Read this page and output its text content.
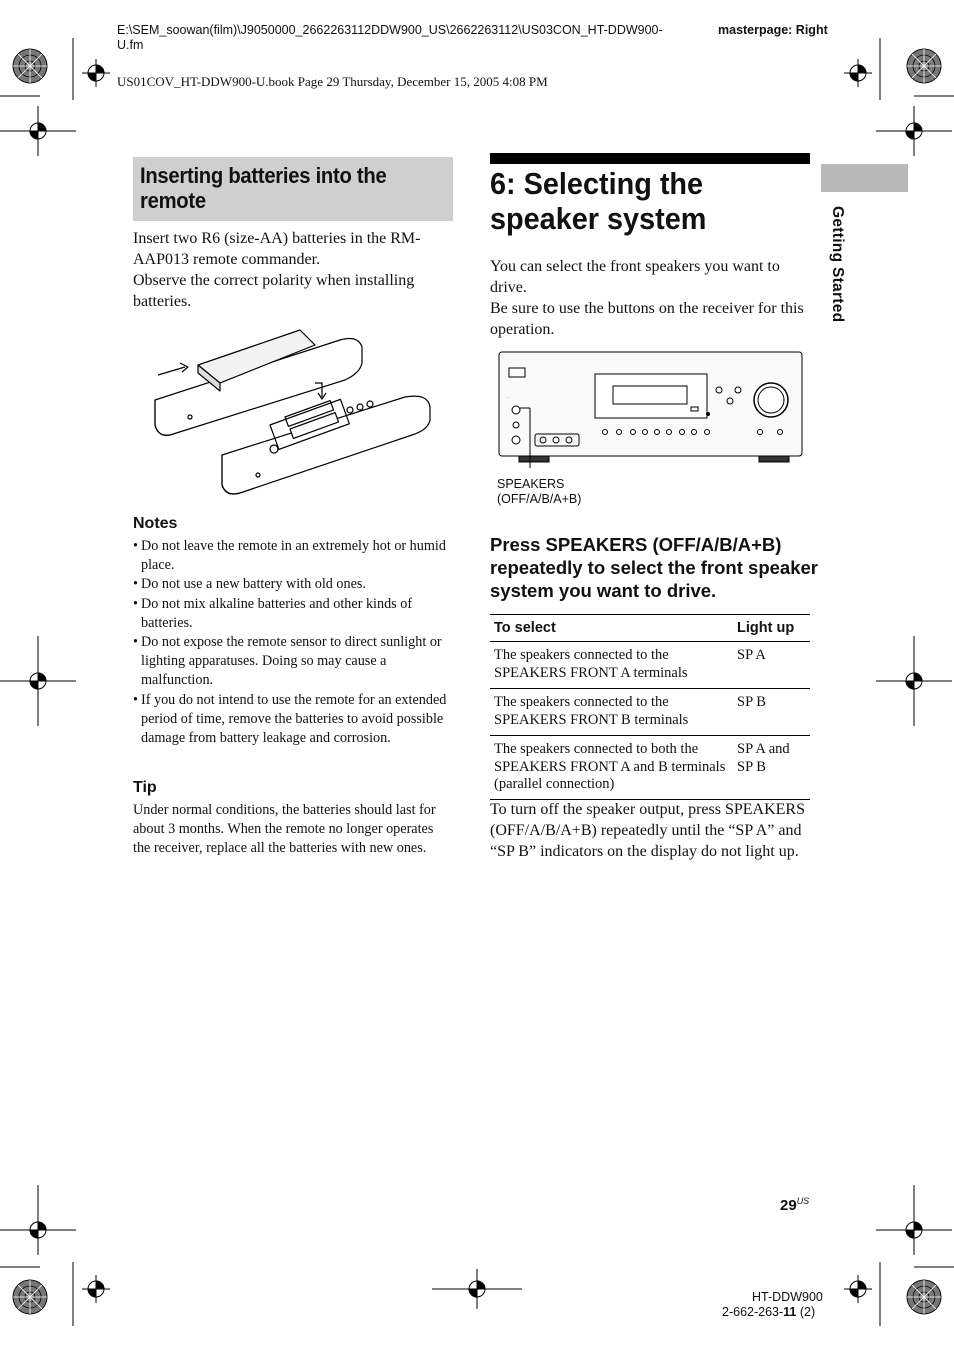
E:\SEM_soowan(film)\J9050000_2662263112DDW900_US\2662263112\US03CON_HT-DDW900-U.fm
masterpage: Right
US01COV_HT-DDW900-U.book Page 29 Thursday, December 15, 2005 4:08 PM
Inserting batteries into the remote

Insert two R6 (size-AA) batteries in the RM-AAP013 remote commander.

Observe the correct polarity when installing batteries.

Notes
• Do not leave the remote in an extremely hot or humid place.
• Do not use a new battery with old ones.
• Do not mix alkaline batteries and other kinds of batteries.
• Do not expose the remote sensor to direct sunlight or lighting apparatuses. Doing so may cause a malfunction.
• If you do not intend to use the remote for an extended period of time, remove the batteries to avoid possible damage from battery leakage and corrosion.
Tip
Under normal conditions, the batteries should last for about 3 months. When the remote no longer operates the receiver, replace all the batteries with new ones.
6: Selecting the speaker system

You can select the front speakers you want to drive.

Be sure to use the buttons on the receiver for this operation.

·····
SPEAKERS
(OFF/A/B/A+B)
Press SPEAKERS (OFF/A/B/A+B) repeatedly to select the front speaker system you want to drive.
To select	Light up
The speakers connected to the SPEAKERS FRONT A terminals	SP A
The speakers connected to the SPEAKERS FRONT B terminals	SP B
The speakers connected to both the SPEAKERS FRONT A and B terminals (parallel connection)	SP A and SP B
To turn off the speaker output, press SPEAKERS (OFF/A/B/A+B) repeatedly until the “SP A” and “SP B” indicators on the display do not light up.
Getting Started
$29^{US}$
HT-DDW900
2-662-263-11 (2)
